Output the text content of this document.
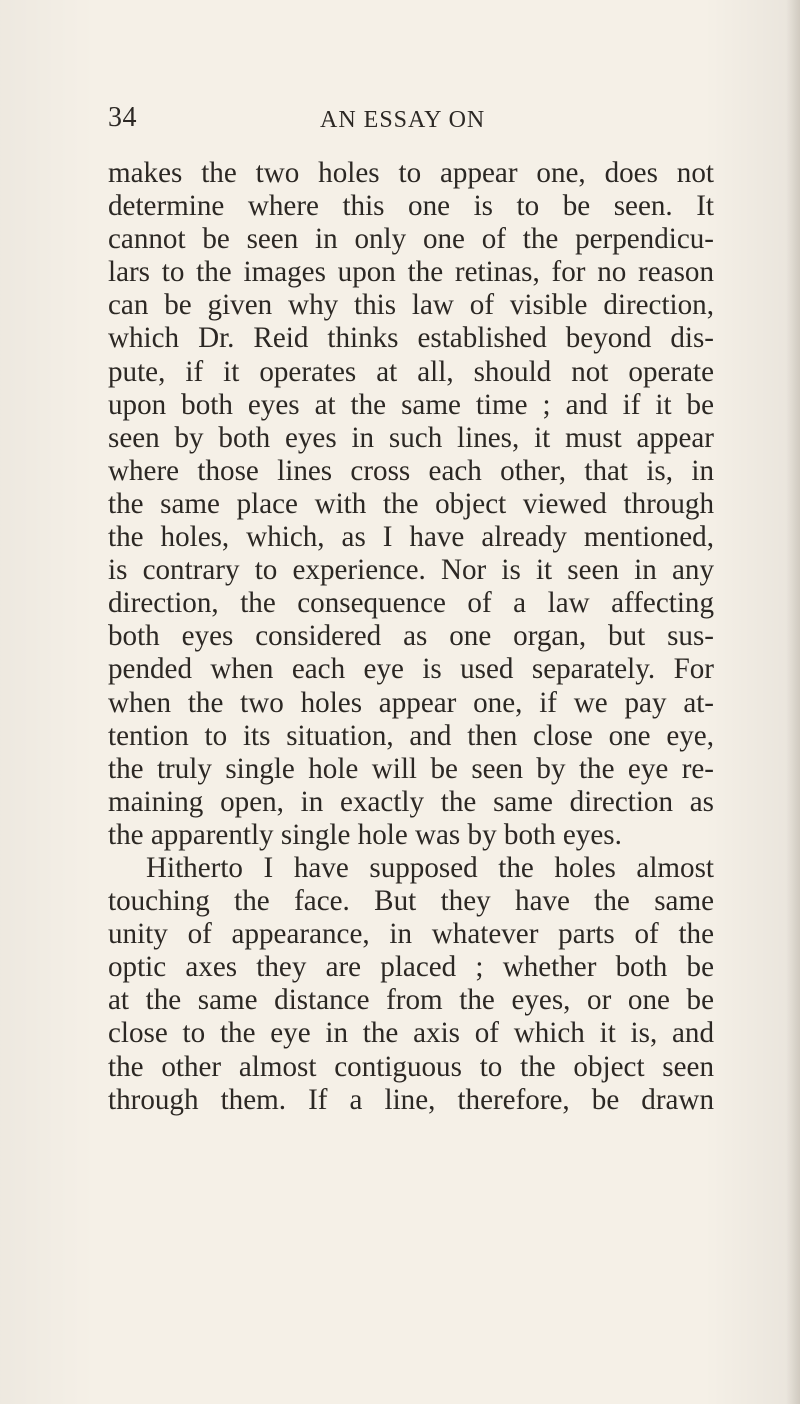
34	AN ESSAY ON
makes the two holes to appear one, does not
determine where this one is to be seen. It
cannot be seen in only one of the perpendicu-
lars to the images upon the retinas, for no reason
can be given why this law of visible direction,
which Dr. Reid thinks established beyond dis-
pute, if it operates at all, should not operate
upon both eyes at the same time ; and if it be
seen by both eyes in such lines, it must appear
where those lines cross each other, that is, in
the same place with the object viewed through
the holes, which, as I have already mentioned,
is contrary to experience. Nor is it seen in any
direction, the consequence of a law affecting
both eyes considered as one organ, but sus-
pended when each eye is used separately. For
when the two holes appear one, if we pay at-
tention to its situation, and then close one eye,
the truly single hole will be seen by the eye re-
maining open, in exactly the same direction as
the apparently single hole was by both eyes.
Hitherto I have supposed the holes almost
touching the face. But they have the same
unity of appearance, in whatever parts of the
optic axes they are placed ; whether both be
at the same distance from the eyes, or one be
close to the eye in the axis of which it is, and
the other almost contiguous to the object seen
through them. If a line, therefore, be drawn
